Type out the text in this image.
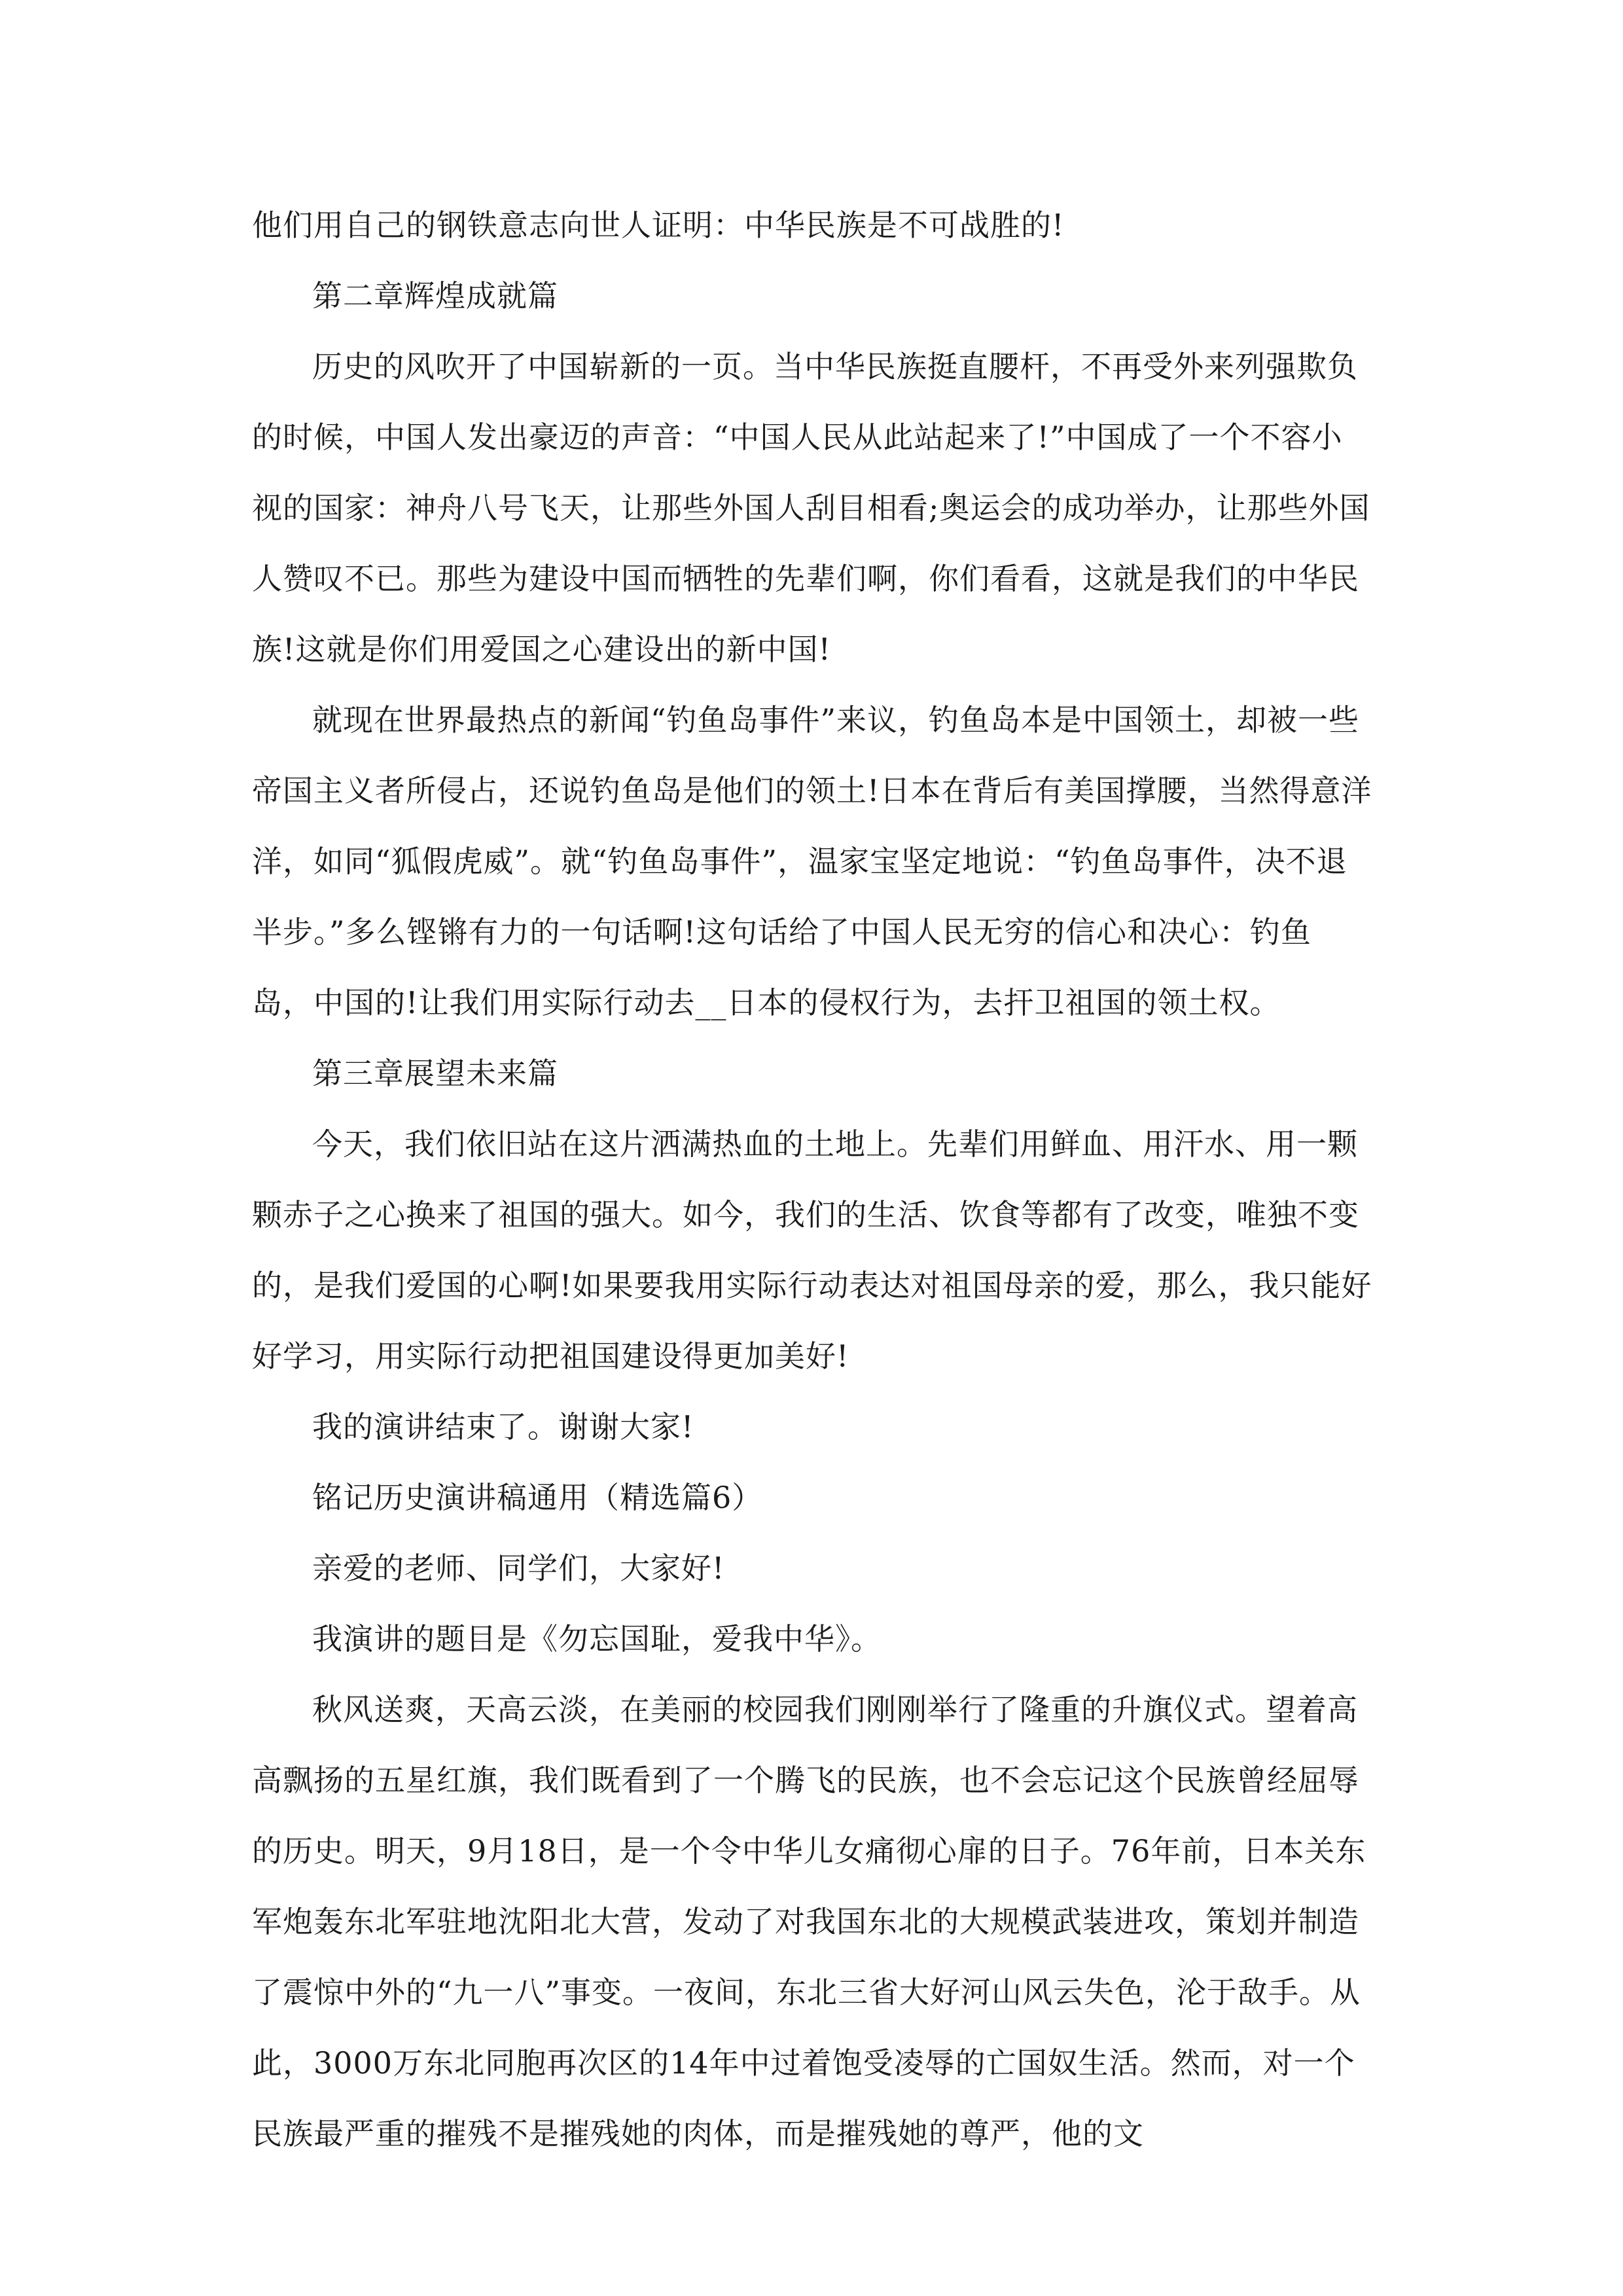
他们用自己的钢铁意志向世人证明：中华民族是不可战胜的!

第二章辉煌成就篇

历史的风吹开了中国崭新的一页。当中华民族挺直腰杆，不再受外来列强欺负的时候，中国人发出豪迈的声音：“中国人民从此站起来了!”中国成了一个不容小视的国家：神舟八号飞天，让那些外国人刮目相看;奥运会的成功举办，让那些外国人赞叹不已。那些为建设中国而牺牲的先辈们啊，你们看看，这就是我们的中华民族!这就是你们用爱国之心建设出的新中国!

就现在世界最热点的新闻“钓鱼岛事件”来议，钓鱼岛本是中国领土，却被一些帝国主义者所侵占，还说钓鱼岛是他们的领土!日本在背后有美国撑腰，当然得意洋洋，如同“狐假虎威”。就“钓鱼岛事件”，温家宝坚定地说：“钓鱼岛事件，决不退半步。”多么铿锵有力的一句话啊!这句话给了中国人民无穷的信心和决心：钓鱼岛，中国的!让我们用实际行动去__日本的侵权行为，去扞卫祖国的领土权。

第三章展望未来篇

今天，我们依旧站在这片洒满热血的土地上。先辈们用鲜血、用汗水、用一颗颗赤子之心换来了祖国的强大。如今，我们的生活、饮食等都有了改变，唯独不变的，是我们爱国的心啊!如果要我用实际行动表达对祖国母亲的爱，那么，我只能好好学习，用实际行动把祖国建设得更加美好!

我的演讲结束了。谢谢大家!

铭记历史演讲稿通用（精选篇6）

亲爱的老师、同学们，大家好!

我演讲的题目是《勿忘国耻，爱我中华》。

秋风送爽，天高云淡，在美丽的校园我们刚刚举行了隆重的升旗仪式。望着高高飘扬的五星红旗，我们既看到了一个腾飞的民族，也不会忘记这个民族曾经屈辱的历史。明天，9月18日，是一个令中华儿女痛彻心扉的日子。76年前，日本关东军炮轰东北军驻地沈阳北大营，发动了对我国东北的大规模武装进攻，策划并制造了震惊中外的“九一八”事变。一夜间，东北三省大好河山风云失色，沦于敌手。从此，3000万东北同胞再次区的14年中过着饱受凌辱的亡国奴生活。然而，对一个民族最严重的摧残不是摧残她的肉体，而是摧残她的尊严，他的文
